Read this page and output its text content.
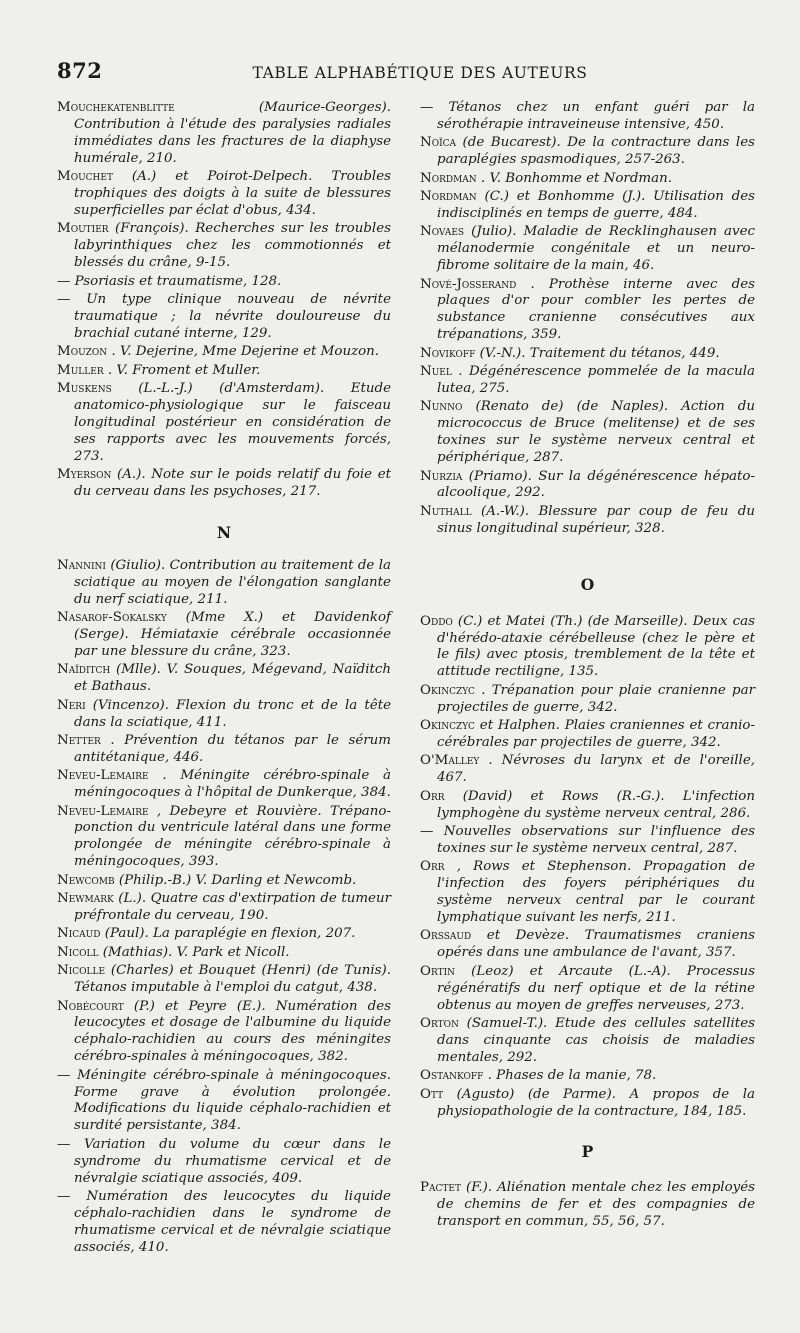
872	TABLE ALPHABÉTIQUE DES AUTEURS

Mouchekatenblitte	(Maurice-Georges). Contribution à l'étude des paralysies radiales immédiates dans les fractures de la diaphyse humérale, 210.

Mouchet (A.) et Poirot-Delpech. Troubles trophiques des doigts à la suite de blessures superficielles par éclat d'obus, 434.

Moutier (François). Recherches sur les troubles labyrinthiques chez les commotionnés et blessés du crâne, 9-15.

— Psoriasis et traumatisme, 128.

— Un type clinique nouveau de névrite traumatique ; la névrite douloureuse du brachial cutané interne, 129.

Mouzon . V. Dejerine, Mme Dejerine et Mouzon.

Muller . V. Froment et Muller.

Muskens (L.-L.-J.) (d'Amsterdam). Etude anatomico-physiologique sur le faisceau longitudinal postérieur en considération de ses rapports avec les mouvements forcés, 273.

Myerson (A.). Note sur le poids relatif du foie et du cerveau dans les psychoses, 217.

N

Nannini (Giulio). Contribution au traitement de la sciatique au moyen de l'élongation sanglante du nerf sciatique, 211.

Nasarof-Sokalsky (Mme X.) et Davidenkof (Serge). Hémiataxie cérébrale occasionnée par une blessure du crâne, 323.

Naïditch (Mlle). V. Souques, Mégevand, Naïditch et Bathaus.

Neri (Vincenzo). Flexion du tronc et de la tête dans la sciatique, 411.

Netter . Prévention du tétanos par le sérum antitétanique, 446.

Neveu-Lemaire . Méningite cérébro-spinale à méningocoques à l'hôpital de Dunkerque, 384.

Neveu-Lemaire , Debeyre et Rouvière. Trépano-ponction du ventricule latéral dans une forme prolongée de méningite cérébro-spinale à méningocoques, 393.

Newcomb (Philip.-B.) V. Darling et Newcomb.

Newmark (L.). Quatre cas d'extirpation de tumeur préfrontale du cerveau, 190.

Nicaud (Paul). La paraplégie en flexion, 207.

Nicoll (Mathias). V. Park et Nicoll.

Nicolle (Charles) et Bouquet (Henri) (de Tunis). Tétanos imputable à l'emploi du catgut, 438.

Nobécourt (P.) et Peyre (E.). Numération des leucocytes et dosage de l'albumine du liquide céphalo-rachidien au cours des méningites cérébro-spinales à méningocoques, 382.

— Méningite cérébro-spinale à méningocoques. Forme grave à évolution prolongée. Modifications du liquide céphalo-rachidien et surdité persistante, 384.

— Variation du volume du cœur dans le syndrome du rhumatisme cervical et de névralgie sciatique associés, 409.

— Numération des leucocytes du liquide céphalo-rachidien dans le syndrome de rhumatisme cervical et de névralgie sciatique associés, 410.

— Tétanos chez un enfant guéri par la sérothérapie intraveineuse intensive, 450.

Noïca (de Bucarest). De la contracture dans les paraplégies spasmodiques, 257-263.

Nordman . V. Bonhomme et Nordman.

Nordman (C.) et Bonhomme (J.). Utilisation des indisciplinés en temps de guerre, 484.

Novaes (Julio). Maladie de Recklinghausen avec mélanodermie congénitale et un neuro-fibrome solitaire de la main, 46.

Nové-Josserand . Prothèse interne avec des plaques d'or pour combler les pertes de substance cranienne consécutives aux trépanations, 359.

Novikoff (V.-N.). Traitement du tétanos, 449.

Nuel . Dégénérescence pommelée de la macula lutea, 275.

Nunno (Renato de) (de Naples). Action du micrococcus de Bruce (melitense) et de ses toxines sur le système nerveux central et périphérique, 287.

Nurzia (Priamo). Sur la dégénérescence hépato-alcoolique, 292.

Nuthall (A.-W.). Blessure par coup de feu du sinus longitudinal supérieur, 328.

O

Oddo (C.) et Matei (Th.) (de Marseille). Deux cas d'hérédo-ataxie cérébelleuse (chez le père et le fils) avec ptosis, tremblement de la tête et attitude rectiligne, 135.

Okinczyc . Trépanation pour plaie cranienne par projectiles de guerre, 342.

Okinczyc et Halphen. Plaies craniennes et cranio-cérébrales par projectiles de guerre, 342.

O'Malley . Névroses du larynx et de l'oreille, 467.

Orr (David) et Rows (R.-G.). L'infection lymphogène du système nerveux central, 286.

— Nouvelles observations sur l'influence des toxines sur le système nerveux central, 287.

Orr , Rows et Stephenson. Propagation de l'infection des foyers périphériques du système nerveux central par le courant lymphatique suivant les nerfs, 211.

Orssaud et Devèze. Traumatismes craniens opérés dans une ambulance de l'avant, 357.

Ortin (Leoz) et Arcaute (L.-A). Processus régénératifs du nerf optique et de la rétine obtenus au moyen de greffes nerveuses, 273.

Orton (Samuel-T.). Etude des cellules satellites dans cinquante cas choisis de maladies mentales, 292.

Ostankoff . Phases de la manie, 78.

Ott (Agusto) (de Parme). A propos de la physiopathologie de la contracture, 184, 185.

P

Pactet (F.). Aliénation mentale chez les employés de chemins de fer et des compagnies de transport en commun, 55, 56, 57.
